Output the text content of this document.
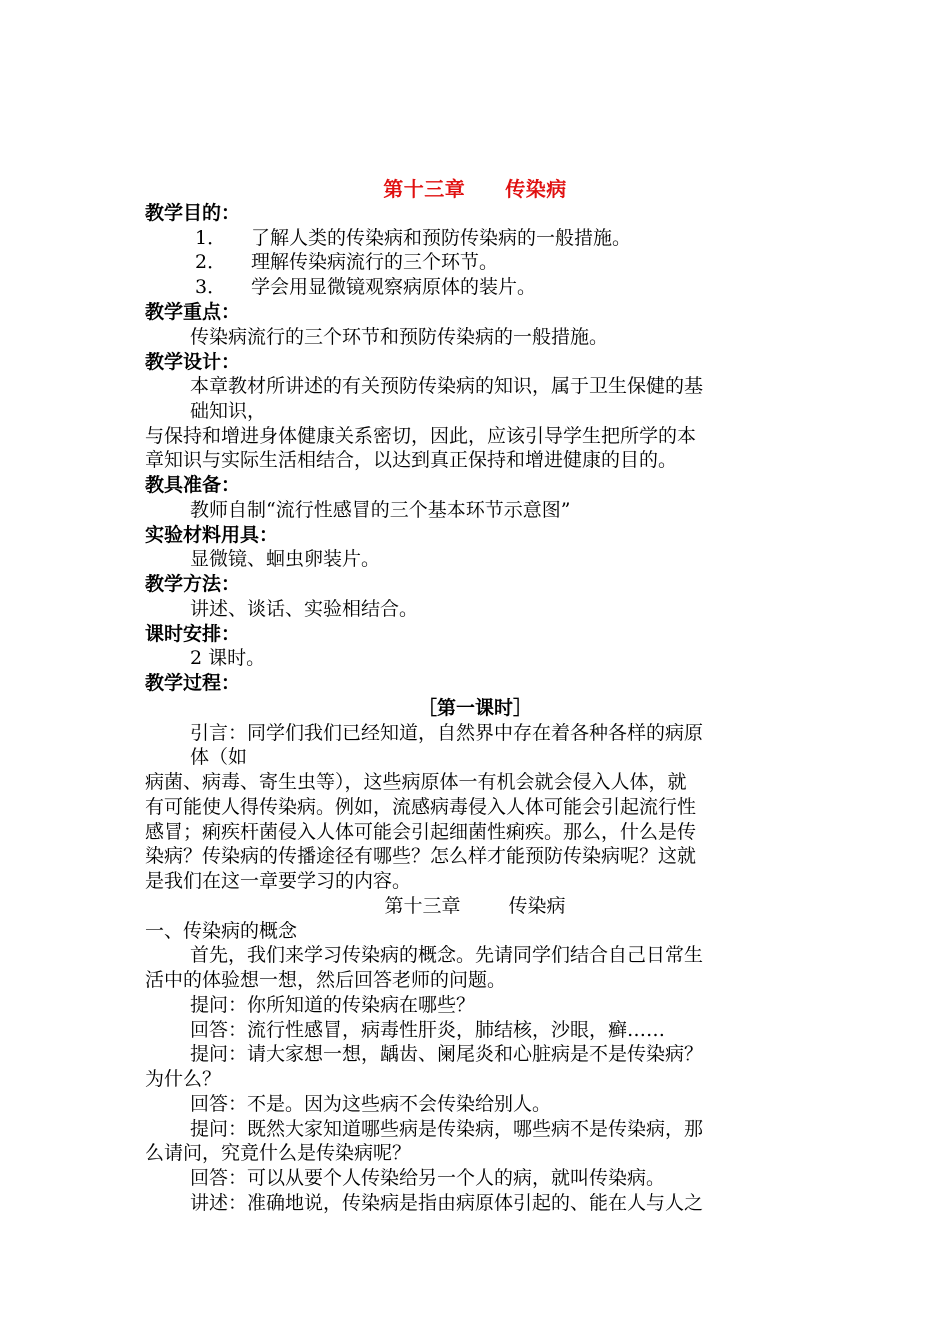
第十三章 传染病
教学目的：
1． 了解人类的传染病和预防传染病的一般措施。
2． 理解传染病流行的三个环节。
3． 学会用显微镜观察病原体的装片。
教学重点：
传染病流行的三个环节和预防传染病的一般措施。
教学设计：
本章教材所讲述的有关预防传染病的知识，属于卫生保健的基
础知识，
与保持和增进身体健康关系密切，因此，应该引导学生把所学的本
章知识与实际生活相结合，以达到真正保持和增进健康的目的。
教具准备：
教师自制“流行性感冒的三个基本环节示意图”
实验材料用具：
显微镜、蛔虫卵装片。
教学方法：
讲述、谈话、实验相结合。
课时安排：
2 课时。
教学过程：
［第一课时］
引言：同学们我们已经知道，自然界中存在着各种各样的病原
体（如
病菌、病毒、寄生虫等），这些病原体一有机会就会侵入人体，就
有可能使人得传染病。例如，流感病毒侵入人体可能会引起流行性
感冒；痢疾杆菌侵入人体可能会引起细菌性痢疾。那么，什么是传
染病？传染病的传播途径有哪些？怎么样才能预防传染病呢？这就
是我们在这一章要学习的内容。
第十三章	传染病
一、传染病的概念
首先，我们来学习传染病的概念。先请同学们结合自己日常生
活中的体验想一想，然后回答老师的问题。
提问：你所知道的传染病在哪些？
回答：流行性感冒，病毒性肝炎，肺结核，沙眼，癣……
提问：请大家想一想，龋齿、阑尾炎和心脏病是不是传染病？
为什么？
回答：不是。因为这些病不会传染给别人。
提问：既然大家知道哪些病是传染病，哪些病不是传染病，那
么请问，究竟什么是传染病呢？
回答：可以从要个人传染给另一个人的病，就叫传染病。
讲述：准确地说，传染病是指由病原体引起的、能在人与人之
